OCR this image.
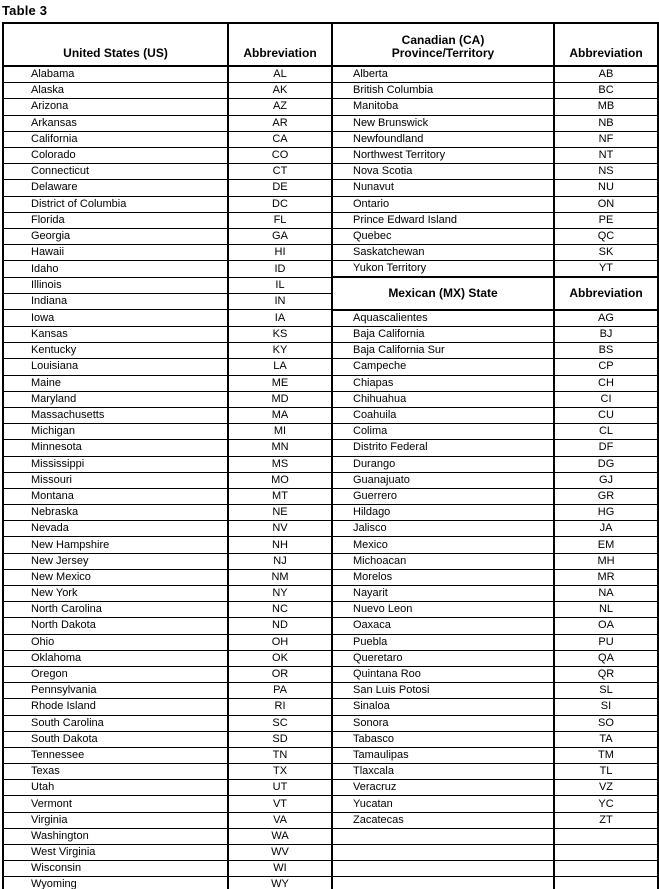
Table 3
United States (US)	Abbreviation	Canadian (CA)
Province/Territory	Abbreviation
Alabama	AL	Alberta	AB
Alaska	AK	British Columbia	BC
Arizona	AZ	Manitoba	MB
Arkansas	AR	New Brunswick	NB
California	CA	Newfoundland	NF
Colorado	CO	Northwest Territory	NT
Connecticut	CT	Nova Scotia	NS
Delaware	DE	Nunavut	NU
District of Columbia	DC	Ontario	ON
Florida	FL	Prince Edward Island	PE
Georgia	GA	Quebec	QC
Hawaii	HI	Saskatchewan	SK
Idaho	ID	Yukon Territory	YT
Illinois	IL	Mexican (MX) State	Abbreviation
Indiana	IN		
Iowa	IA	Aquascalientes	AG
Kansas	KS	Baja California	BJ
Kentucky	KY	Baja California Sur	BS
Louisiana	LA	Campeche	CP
Maine	ME	Chiapas	CH
Maryland	MD	Chihuahua	CI
Massachusetts	MA	Coahuila	CU
Michigan	MI	Colima	CL
Minnesota	MN	Distrito Federal	DF
Mississippi	MS	Durango	DG
Missouri	MO	Guanajuato	GJ
Montana	MT	Guerrero	GR
Nebraska	NE	Hildago	HG
Nevada	NV	Jalisco	JA
New Hampshire	NH	Mexico	EM
New Jersey	NJ	Michoacan	MH
New Mexico	NM	Morelos	MR
New York	NY	Nayarit	NA
North Carolina	NC	Nuevo Leon	NL
North Dakota	ND	Oaxaca	OA
Ohio	OH	Puebla	PU
Oklahoma	OK	Queretaro	QA
Oregon	OR	Quintana Roo	QR
Pennsylvania	PA	San Luis Potosi	SL
Rhode Island	RI	Sinaloa	SI
South Carolina	SC	Sonora	SO
South Dakota	SD	Tabasco	TA
Tennessee	TN	Tamaulipas	TM
Texas	TX	Tlaxcala	TL
Utah	UT	Veracruz	VZ
Vermont	VT	Yucatan	YC
Virginia	VA	Zacatecas	ZT
Washington	WA		
West Virginia	WV		
Wisconsin	WI		
Wyoming	WY		
